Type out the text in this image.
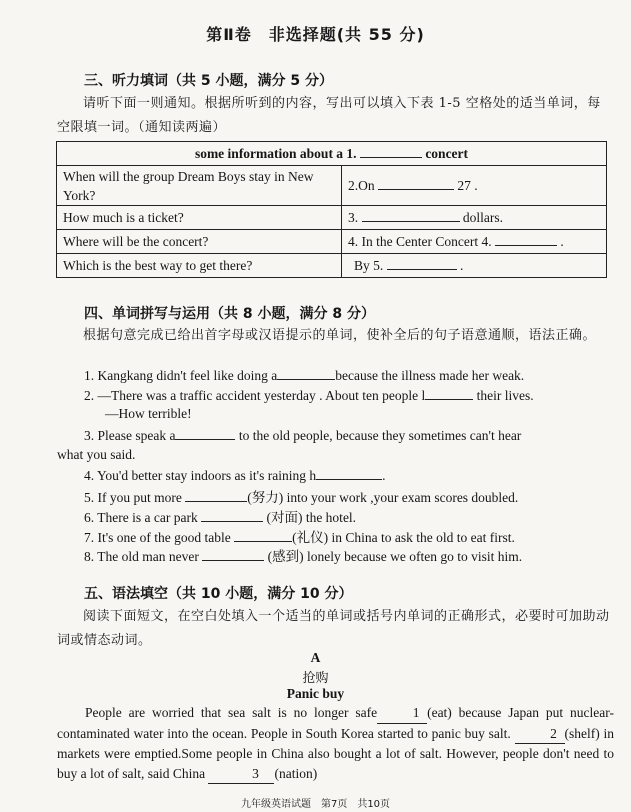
第Ⅱ卷　非选择题(共 55 分)
三、听力填词（共 5 小题，满分 5 分）
请听下面一则通知。根据所听到的内容，写出可以填入下表 1-5 空格处的适当单词，每空限填一词。（通知读两遍）
some information about a 1. concert	
When will the group Dream Boys stay in New York?	2.On 27 .
How much is a ticket?	3. dollars.
Where will be the concert?	4. In the Center Concert 4. .
Which is the best way to get there?	By 5. .
四、单词拼写与运用（共 8 小题，满分 8 分）
根据句意完成已给出首字母或汉语提示的单词，使补全后的句子语意通顺，语法正确。
1. Kangkang didn't feel like doing a	because the illness made her weak.
2. —There was a traffic accident yesterday . About ten people l	their lives.
—How terrible!
3. Please speak a	to the old people, because they sometimes can't hear
what you said.
4. You'd better stay indoors as it's raining h	.
5. If you put more	(努力) into your work ,your exam scores doubled.
6. There is a car park	(对面) the hotel.
7. It's one of the good table	(礼仪) in China to ask the old to eat first.
8. The old man never	(感到) lonely because we often go to visit him.
五、语法填空（共 10 小题，满分 10 分）
阅读下面短文，在空白处填入一个适当的单词或括号内单词的正确形式，必要时可加助动词或情态动词。
A
抢购
Panic buy
People are worried that sea salt is no longer safe	1 (eat) because Japan put nuclear-contaminated water into the ocean. People in South Korea started to panic buy salt.	2 (shelf) in markets were emptied.Some people in China also bought a lot of salt. However, people don't need to buy a lot of salt, said China	3 (nation)
九年级英语试题　第7页　共10页
